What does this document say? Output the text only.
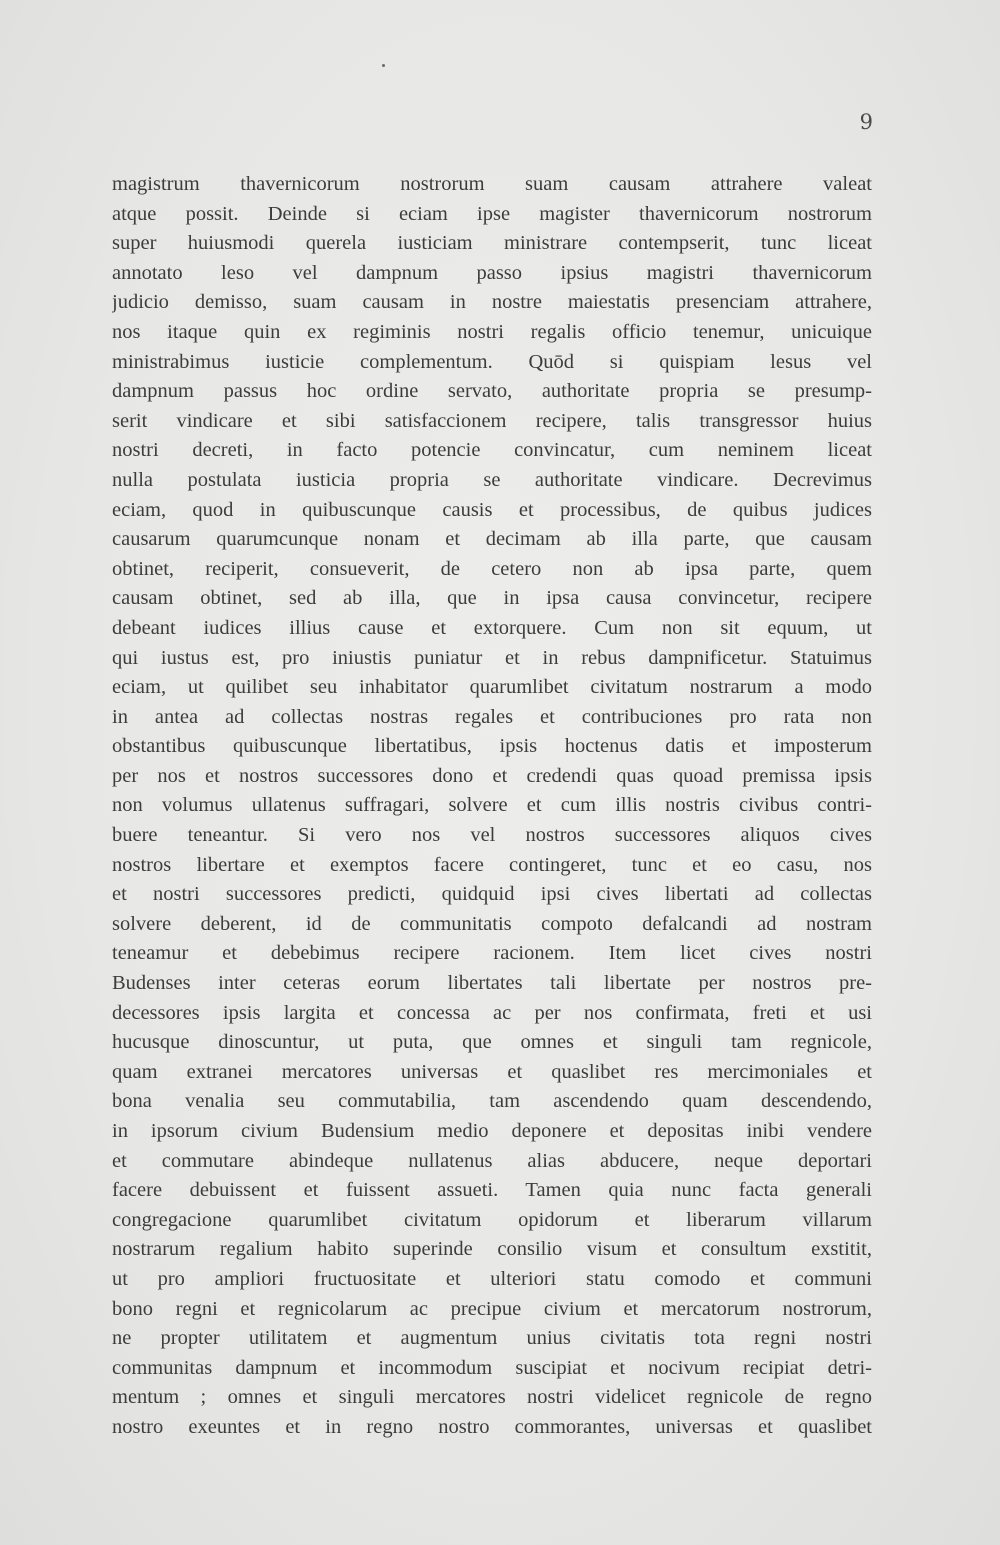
9
magistrum thavernicorum nostrorum suam causam attrahere valeat
atque possit. Deinde si eciam ipse magister thavernicorum nostrorum
super huiusmodi querela iusticiam ministrare contempserit, tunc liceat
annotato leso vel dampnum passo ipsius magistri thavernicorum
judicio demisso, suam causam in nostre maiestatis presenciam attrahere,
nos itaque quin ex regiminis nostri regalis officio tenemur, unicuique
ministrabimus iusticie complementum. Quōd si quispiam lesus vel
dampnum passus hoc ordine servato, authoritate propria se presump-
serit vindicare et sibi satisfaccionem recipere, talis transgressor huius
nostri decreti, in facto potencie convincatur, cum neminem liceat
nulla postulata iusticia propria se authoritate vindicare. Decrevimus
eciam, quod in quibuscunque causis et processibus, de quibus judices
causarum quarumcunque nonam et decimam ab illa parte, que causam
obtinet, reciperit, consueverit, de cetero non ab ipsa parte, quem
causam obtinet, sed ab illa, que in ipsa causa convincetur, recipere
debeant iudices illius cause et extorquere. Cum non sit equum, ut
qui iustus est, pro iniustis puniatur et in rebus dampnificetur. Statuimus
eciam, ut quilibet seu inhabitator quarumlibet civitatum nostrarum a modo
in antea ad collectas nostras regales et contribuciones pro rata non
obstantibus quibuscunque libertatibus, ipsis hoctenus datis et imposterum
per nos et nostros successores dono et credendi quas quoad premissa ipsis
non volumus ullatenus suffragari, solvere et cum illis nostris civibus contri-
buere teneantur. Si vero nos vel nostros successores aliquos cives
nostros libertare et exemptos facere contingeret, tunc et eo casu, nos
et nostri successores predicti, quidquid ipsi cives libertati ad collectas
solvere deberent, id de communitatis compoto defalcandi ad nostram
teneamur et debebimus recipere racionem. Item licet cives nostri
Budenses inter ceteras eorum libertates tali libertate per nostros pre-
decessores ipsis largita et concessa ac per nos confirmata, freti et usi
hucusque dinoscuntur, ut puta, que omnes et singuli tam regnicole,
quam extranei mercatores universas et quaslibet res mercimoniales et
bona venalia seu commutabilia, tam ascendendo quam descendendo,
in ipsorum civium Budensium medio deponere et depositas inibi vendere
et commutare abindeque nullatenus alias abducere, neque deportari
facere debuissent et fuissent assueti. Tamen quia nunc facta generali
congregacione quarumlibet civitatum opidorum et liberarum villarum
nostrarum regalium habito superinde consilio visum et consultum exstitit,
ut pro ampliori fructuositate et ulteriori statu comodo et communi
bono regni et regnicolarum ac precipue civium et mercatorum nostrorum,
ne propter utilitatem et augmentum unius civitatis tota regni nostri
communitas dampnum et incommodum suscipiat et nocivum recipiat detri-
mentum ; omnes et singuli mercatores nostri videlicet regnicole de regno
nostro exeuntes et in regno nostro commorantes, universas et quaslibet
